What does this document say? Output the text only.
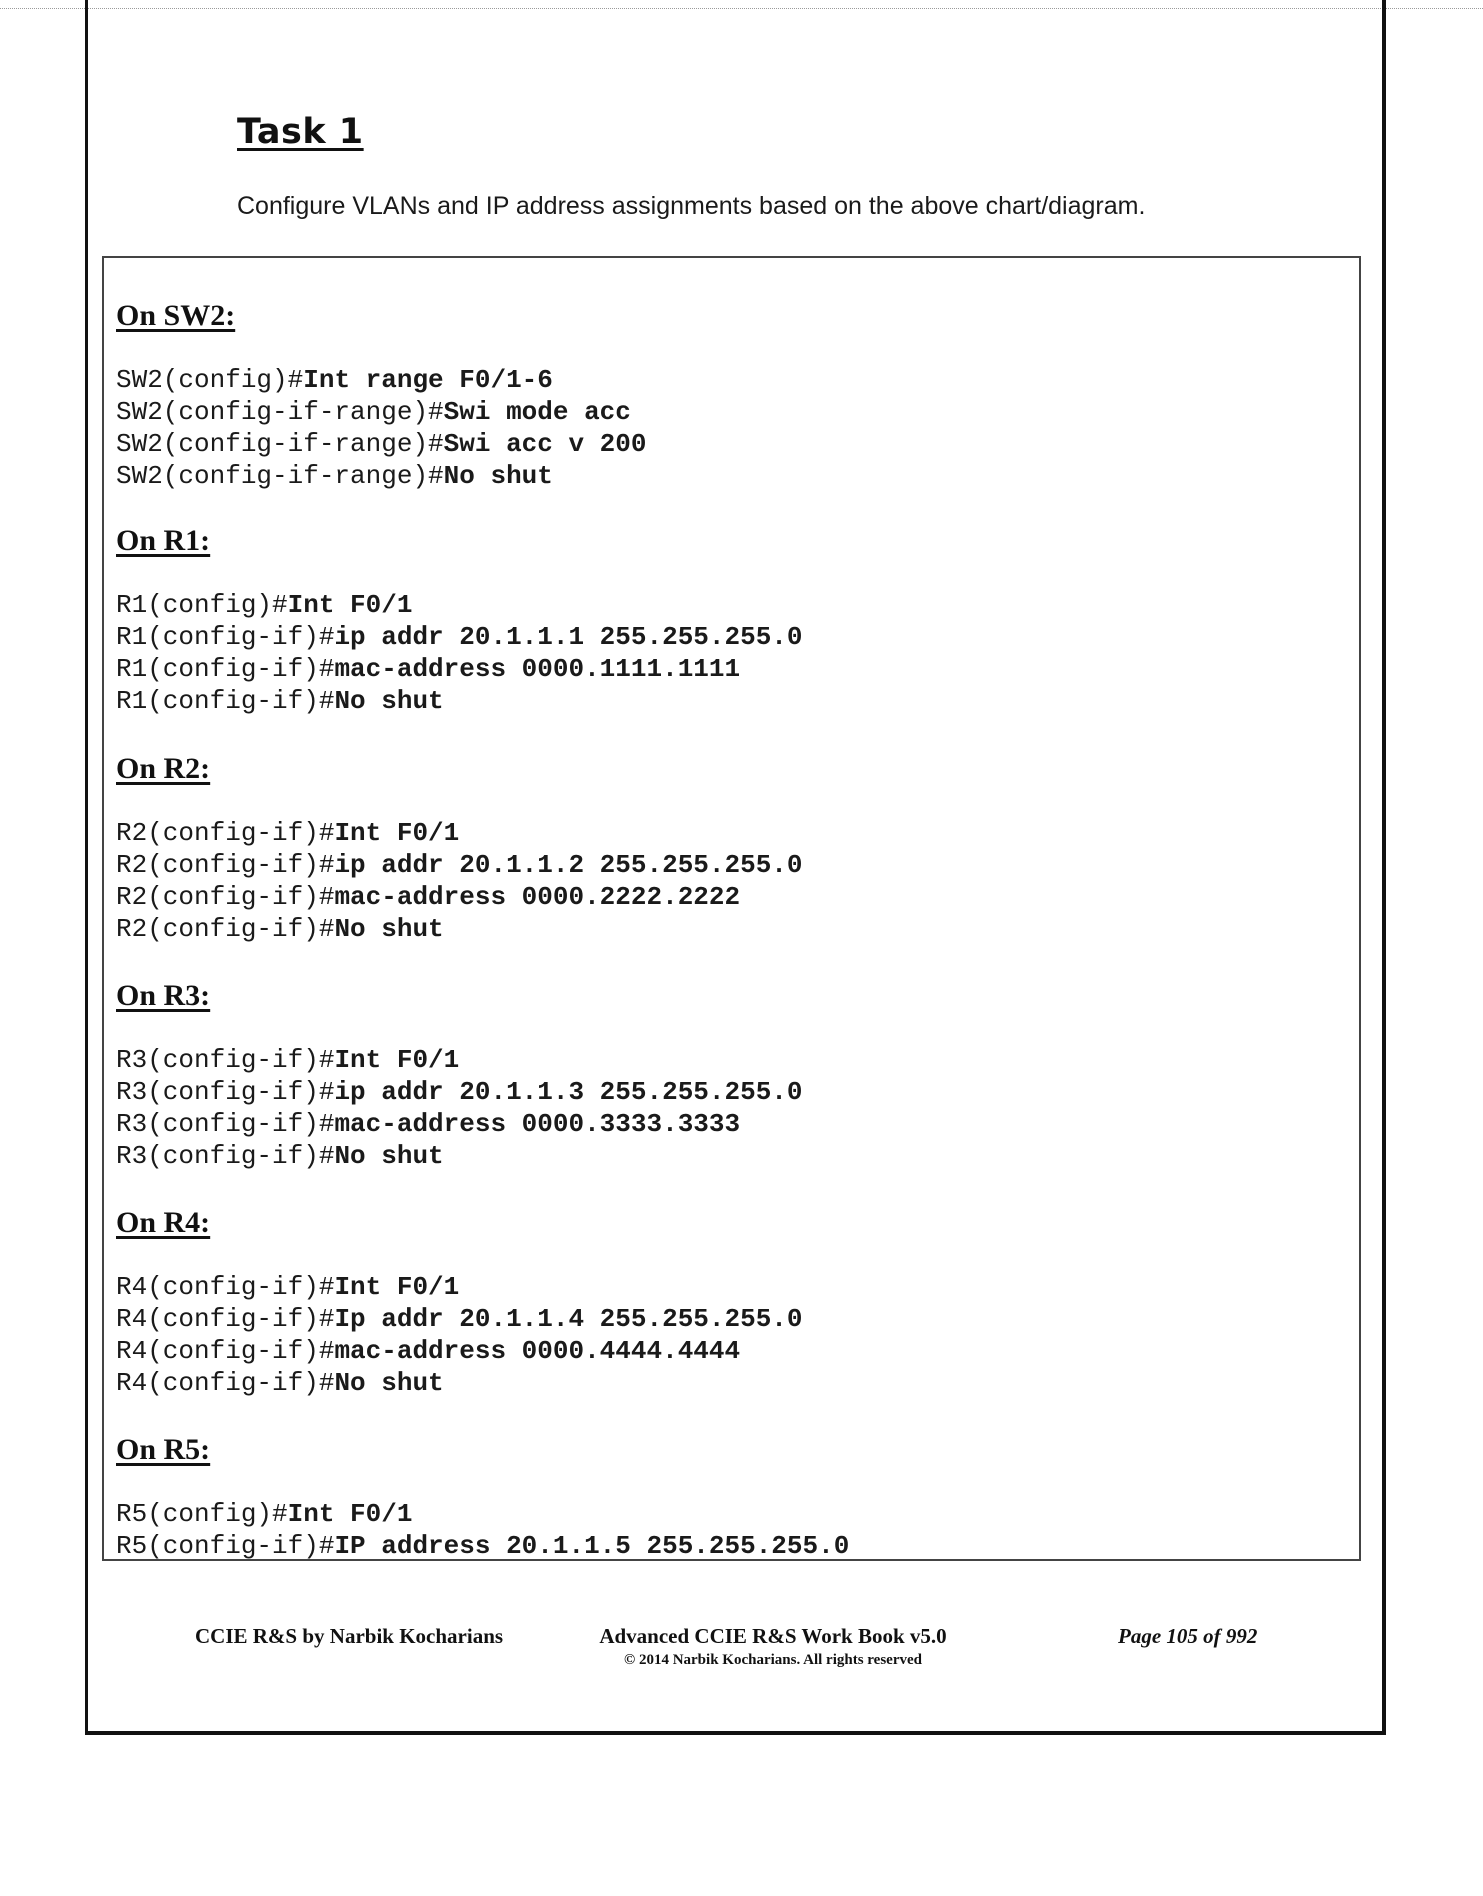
Task 1

Configure VLANs and IP address assignments based on the above chart/diagram.

On SW2:
SW2(config)#Int range F0/1-6
SW2(config-if-range)#Swi mode acc
SW2(config-if-range)#Swi acc v 200
SW2(config-if-range)#No shut
On R1:
R1(config)#Int F0/1
R1(config-if)#ip addr 20.1.1.1 255.255.255.0
R1(config-if)#mac-address 0000.1111.1111
R1(config-if)#No shut
On R2:
R2(config-if)#Int F0/1
R2(config-if)#ip addr 20.1.1.2 255.255.255.0
R2(config-if)#mac-address 0000.2222.2222
R2(config-if)#No shut
On R3:
R3(config-if)#Int F0/1
R3(config-if)#ip addr 20.1.1.3 255.255.255.0
R3(config-if)#mac-address 0000.3333.3333
R3(config-if)#No shut
On R4:
R4(config-if)#Int F0/1
R4(config-if)#Ip addr 20.1.1.4 255.255.255.0
R4(config-if)#mac-address 0000.4444.4444
R4(config-if)#No shut
On R5:
R5(config)#Int F0/1
R5(config-if)#IP address 20.1.1.5 255.255.255.0
CCIE R&S by Narbik Kocharians	Advanced CCIE R&S Work Book v5.0
© 2014 Narbik Kocharians. All rights reserved
Page 105 of 992
